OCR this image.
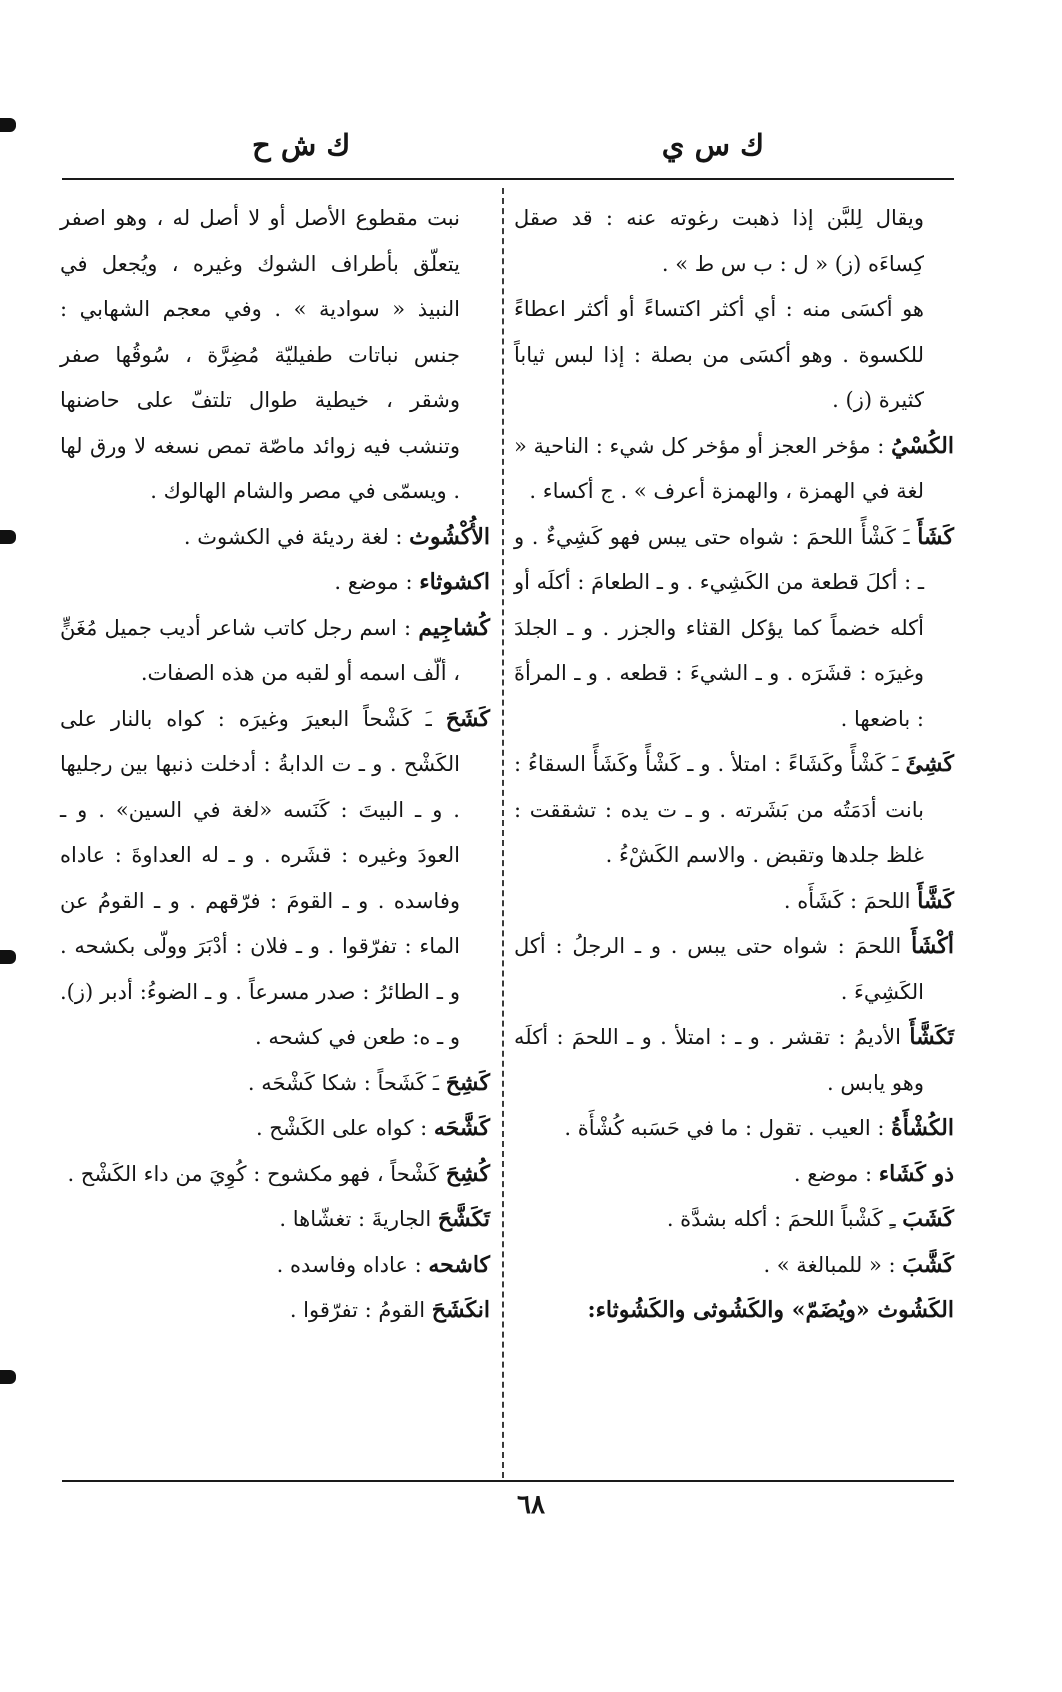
ك س ي
ك ش ح

ويقال لِلبَّن إذا ذهبت رغوته عنه : قد صقل كِساءَه (ز) « ل : ب س ط » .

هو أكسَى منه : أي أكثر اكتساءً أو أكثر اعطاءً للكسوة . وهو أكسَى من بصلة : إذا لبس ثياباً كثيرة (ز) .

الكُسْيُ : مؤخر العجز أو مؤخر كل شيء : الناحية « لغة في الهمزة ، والهمزة أعرف » . ج أكساء .

كَشَأَ ـَ كَشْأً اللحمَ : شواه حتى يبس فهو كَشِيءٌ . و ـ : أكلَ قطعة من الكَشِيء . و ـ الطعامَ : أكلَه أو أكله خضماً كما يؤكل القثاء والجزر . و ـ الجلدَ وغيرَه : قشَرَه . و ـ الشيءَ : قطعه . و ـ المرأةَ : باضعها .

كَشِئَ ـَ كَشْأً وكَشَاءً : امتلأ . و ـ كَشْأً وكَشَأً السقاءُ : بانت أدَمَتُه من بَشَرته . و ـ ت يده : تشققت : غلظ جلدها وتقبض . والاسم الكَشْءُ .

كَشَّأَ اللحمَ : كَشَأَه .

أكْشَأَ اللحمَ : شواه حتى يبس . و ـ الرجلُ : أكل الكَشِيءَ .

تَكَشَّأَ الأديمُ : تقشر . و ـ : امتلأ . و ـ اللحمَ : أكلَه وهو يابس .

الكُشْأَةُ : العيب . تقول : ما في حَسَبه كُشْأَة .

ذو كَشَاء : موضع .

كَشَبَ ـِ كَشْباً اللحمَ : أكله بشدَّة .

كَشَّبَ : « للمبالغة » .

الكَشُوث «ويُضَمّ» والكَشُوثى والكَشُوثاء:

نبت مقطوع الأصل أو لا أصل له ، وهو اصفر يتعلّق بأطراف الشوك وغيره ، ويُجعل في النبيذ « سوادية » . وفي معجم الشهابي : جنس نباتات طفيليّة مُضِرَّة ، سُوقُها صفر وشقر ، خيطية طوال تلتفّ على حاضنها وتنشب فيه زوائد ماصّة تمص نسغه لا ورق لها . ويسمّى في مصر والشام الهالوك .

الأُكْشُوث : لغة رديئة في الكشوث .

اكشوثاء : موضع .

كُشاجِيم : اسم رجل كاتب شاعر أديب جميل مُغَنٍّ ، ألّف اسمه أو لقبه من هذه الصفات.

كَشَحَ ـَ كَشْحاً البعيرَ وغيرَه : كواه بالنار على الكَشْح . و ـ ت الدابةُ : أدخلت ذنبها بين رجليها . و ـ البيتَ : كَنَسه «لغة في السين» . و ـ العودَ وغيره : قشَره . و ـ له العداوةَ : عاداه وفاسده . و ـ القومَ : فرّقهم . و ـ القومُ عن الماء : تفرّقوا . و ـ فلان : أدْبَرَ وولّى بكشحه . و ـ الطائرُ : صدر مسرعاً . و ـ الضوءُ: أدبر (ز). و ـ ه: طعن في كشحه .

كَشِحَ ـَ كَشَحاً : شكا كَشْحَه .

كَشَّحَه : كواه على الكَشْح .

كُشِحَ كَشْحاً ، فهو مكشوح : كُوِيَ من داء الكَشْح .

تَكَشَّحَ الجاريةَ : تغشّاها .

كاشحه : عاداه وفاسده .

انكَشَحَ القومُ : تفرّقوا .

٦٨
